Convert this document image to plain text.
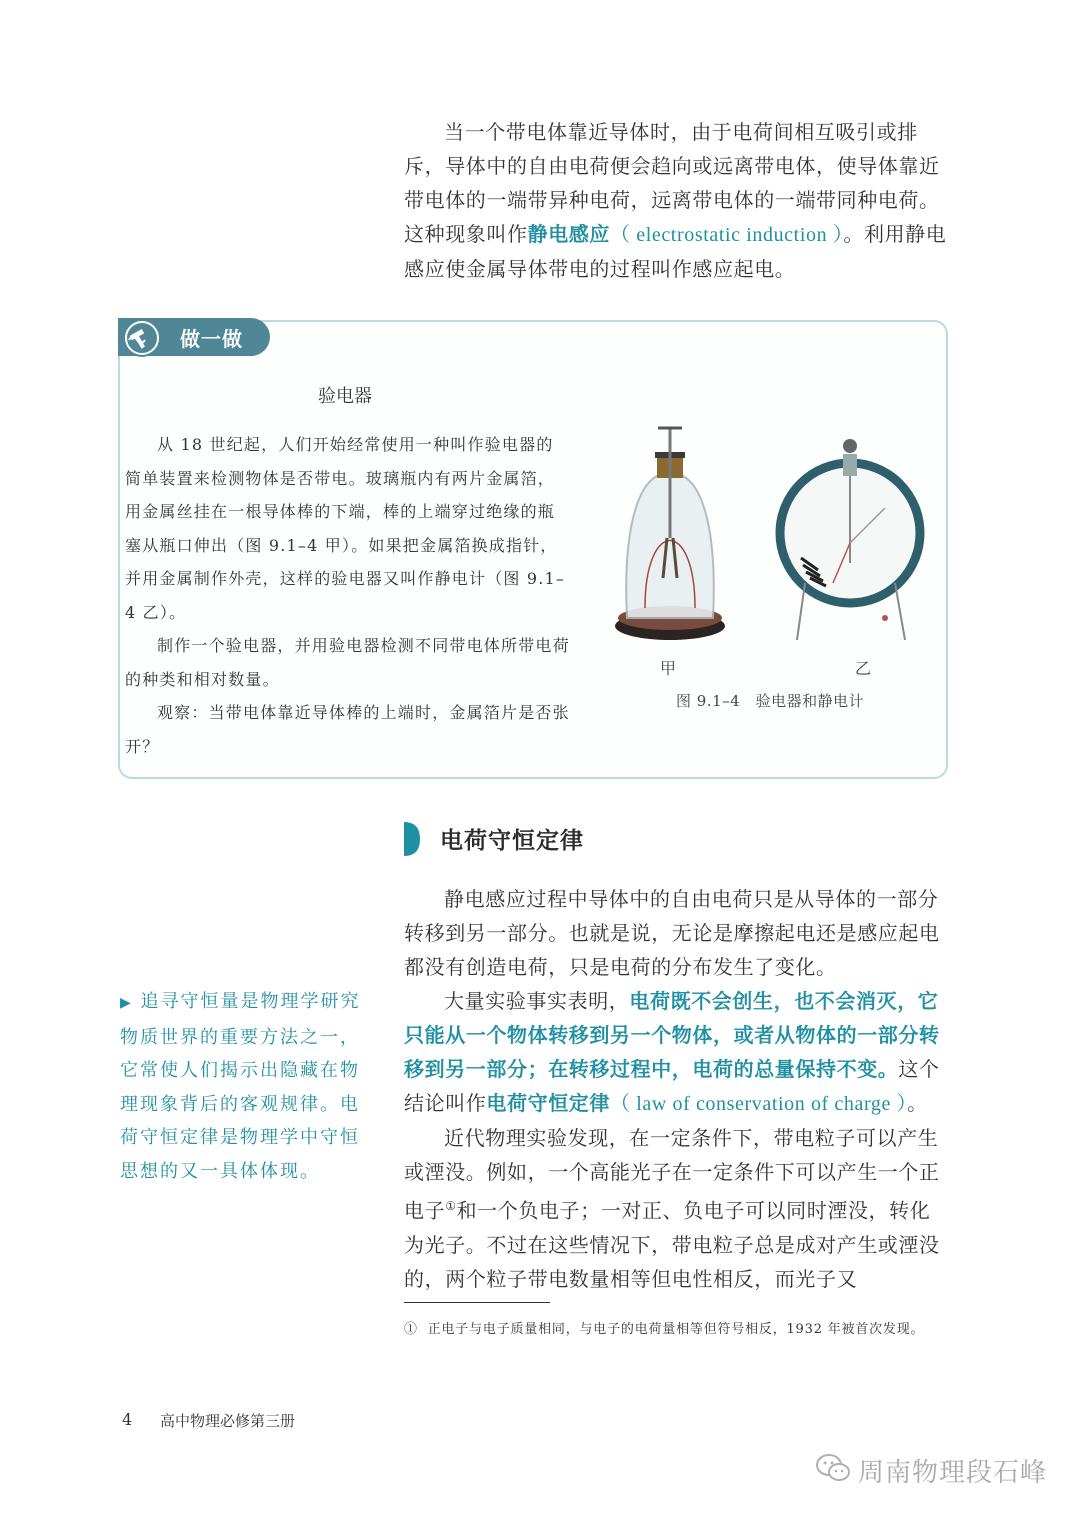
当一个带电体靠近导体时，由于电荷间相互吸引或排斥，导体中的自由电荷便会趋向或远离带电体，使导体靠近带电体的一端带异种电荷，远离带电体的一端带同种电荷。这种现象叫作静电感应（ electrostatic induction ）。利用静电感应使金属导体带电的过程叫作感应起电。

做一做
验电器

从 18 世纪起，人们开始经常使用一种叫作验电器的简单装置来检测物体是否带电。玻璃瓶内有两片金属箔，用金属丝挂在一根导体棒的下端，棒的上端穿过绝缘的瓶塞从瓶口伸出（图 9.1–4 甲）。如果把金属箔换成指针，并用金属制作外壳，这样的验电器又叫作静电计（图 9.1–4 乙）。

制作一个验电器，并用验电器检测不同带电体所带电荷的种类和相对数量。

观察：当带电体靠近导体棒的上端时，金属箔片是否张开？

甲	乙
图 9.1–4　验电器和静电计
电荷守恒定律

静电感应过程中导体中的自由电荷只是从导体的一部分转移到另一部分。也就是说，无论是摩擦起电还是感应起电都没有创造电荷，只是电荷的分布发生了变化。

大量实验事实表明，电荷既不会创生，也不会消灭，它只能从一个物体转移到另一个物体，或者从物体的一部分转移到另一部分；在转移过程中，电荷的总量保持不变。这个结论叫作电荷守恒定律（ law of conservation of charge ）。

近代物理实验发现，在一定条件下，带电粒子可以产生或湮没。例如，一个高能光子在一定条件下可以产生一个正电子①和一个负电子；一对正、负电子可以同时湮没，转化为光子。不过在这些情况下，带电粒子总是成对产生或湮没的，两个粒子带电数量相等但电性相反，而光子又

▶ 追寻守恒量是物理学研究物质世界的重要方法之一，它常使人们揭示出隐藏在物理现象背后的客观规律。电荷守恒定律是物理学中守恒思想的又一具体体现。
① 正电子与电子质量相同，与电子的电荷量相等但符号相反，1932 年被首次发现。
4 高中物理必修第三册
周南物理段石峰
